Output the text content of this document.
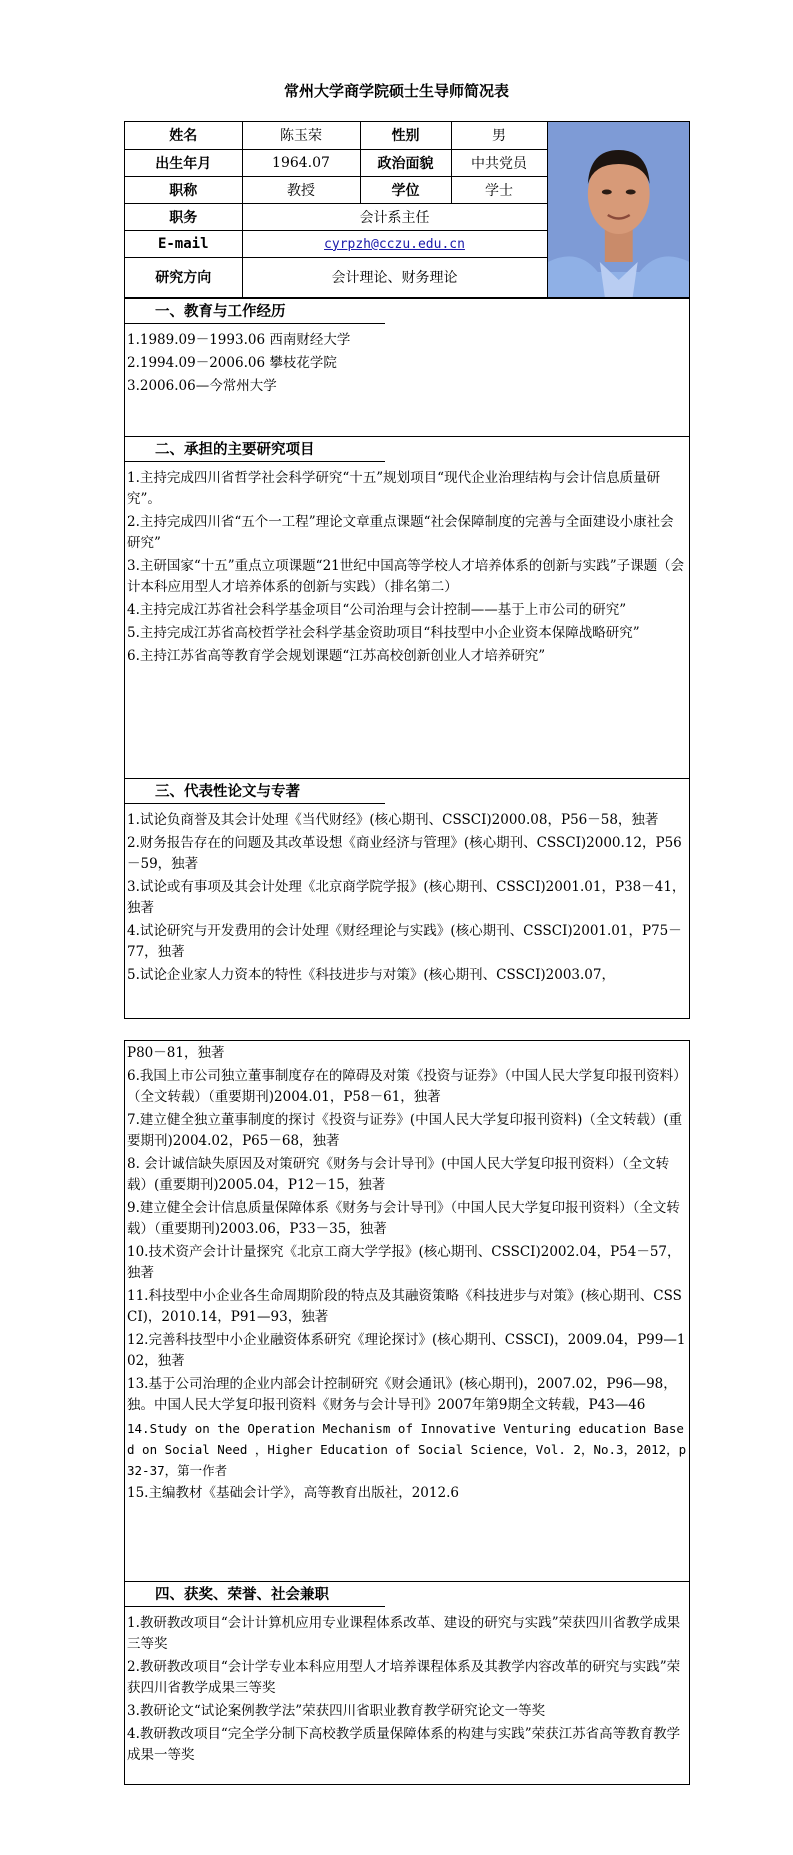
常州大学商学院硕士生导师简况表
姓名	陈玉荣	性别	男	

出生年月	1964.07	政治面貌	中共党员	
职称	教授	学位	学士	
职务	会计系主任			
E-mail	cyrpzh@cczu.edu.cn			
研究方向	会计理论、财务理论			
一、教育与工作经历
1.1989.09－1993.06 西南财经大学
2.1994.09－2006.06 攀枝花学院
3.2006.06—今常州大学
二、承担的主要研究项目
1.主持完成四川省哲学社会科学研究“十五”规划项目“现代企业治理结构与会计信息质量研究”。
2.主持完成四川省“五个一工程”理论文章重点课题“社会保障制度的完善与全面建设小康社会研究”
3.主研国家“十五”重点立项课题“21世纪中国高等学校人才培养体系的创新与实践”子课题（会计本科应用型人才培养体系的创新与实践）（排名第二）
4.主持完成江苏省社会科学基金项目“公司治理与会计控制——基于上市公司的研究”
5.主持完成江苏省高校哲学社会科学基金资助项目“科技型中小企业资本保障战略研究”
6.主持江苏省高等教育学会规划课题“江苏高校创新创业人才培养研究”
三、代表性论文与专著
1.试论负商誉及其会计处理《当代财经》(核心期刊、CSSCI)2000.08，P56－58，独著
2.财务报告存在的问题及其改革设想《商业经济与管理》(核心期刊、CSSCI)2000.12，P56－59，独著
3.试论或有事项及其会计处理《北京商学院学报》(核心期刊、CSSCI)2001.01，P38－41，独著
4.试论研究与开发费用的会计处理《财经理论与实践》(核心期刊、CSSCI)2001.01，P75－77，独著
5.试论企业家人力资本的特性《科技进步与对策》(核心期刊、CSSCI)2003.07，
P80－81，独著
6.我国上市公司独立董事制度存在的障碍及对策《投资与证券》（中国人民大学复印报刊资料）（全文转载）（重要期刊)2004.01，P58－61，独著
7.建立健全独立董事制度的探讨《投资与证券》(中国人民大学复印报刊资料)（全文转载）(重要期刊)2004.02，P65－68，独著
8. 会计诚信缺失原因及对策研究《财务与会计导刊》(中国人民大学复印报刊资料）（全文转载）(重要期刊)2005.04，P12－15，独著
9.建立健全会计信息质量保障体系《财务与会计导刊》（中国人民大学复印报刊资料）（全文转载）（重要期刊)2003.06，P33－35，独著
10.技术资产会计计量探究《北京工商大学学报》(核心期刊、CSSCI)2002.04，P54－57，独著
11.科技型中小企业各生命周期阶段的特点及其融资策略《科技进步与对策》(核心期刊、CSSCI)，2010.14，P91—93，独著
12.完善科技型中小企业融资体系研究《理论探讨》(核心期刊、CSSCI)，2009.04，P99—102，独著
13.基于公司治理的企业内部会计控制研究《财会通讯》(核心期刊)，2007.02，P96—98，独。中国人民大学复印报刊资料《财务与会计导刊》2007年第9期全文转载，P43—46
14.Study on the Operation Mechanism of Innovative Venturing education Based on Social Need ，Higher Education of Social Science，Vol. 2，No.3，2012，p32-37，第一作者
15.主编教材《基础会计学》，高等教育出版社，2012.6
四、获奖、荣誉、社会兼职
1.教研教改项目“会计计算机应用专业课程体系改革、建设的研究与实践”荣获四川省教学成果三等奖
2.教研教改项目“会计学专业本科应用型人才培养课程体系及其教学内容改革的研究与实践”荣获四川省教学成果三等奖
3.教研论文“试论案例教学法”荣获四川省职业教育教学研究论文一等奖
4.教研教改项目“完全学分制下高校教学质量保障体系的构建与实践”荣获江苏省高等教育教学成果一等奖
